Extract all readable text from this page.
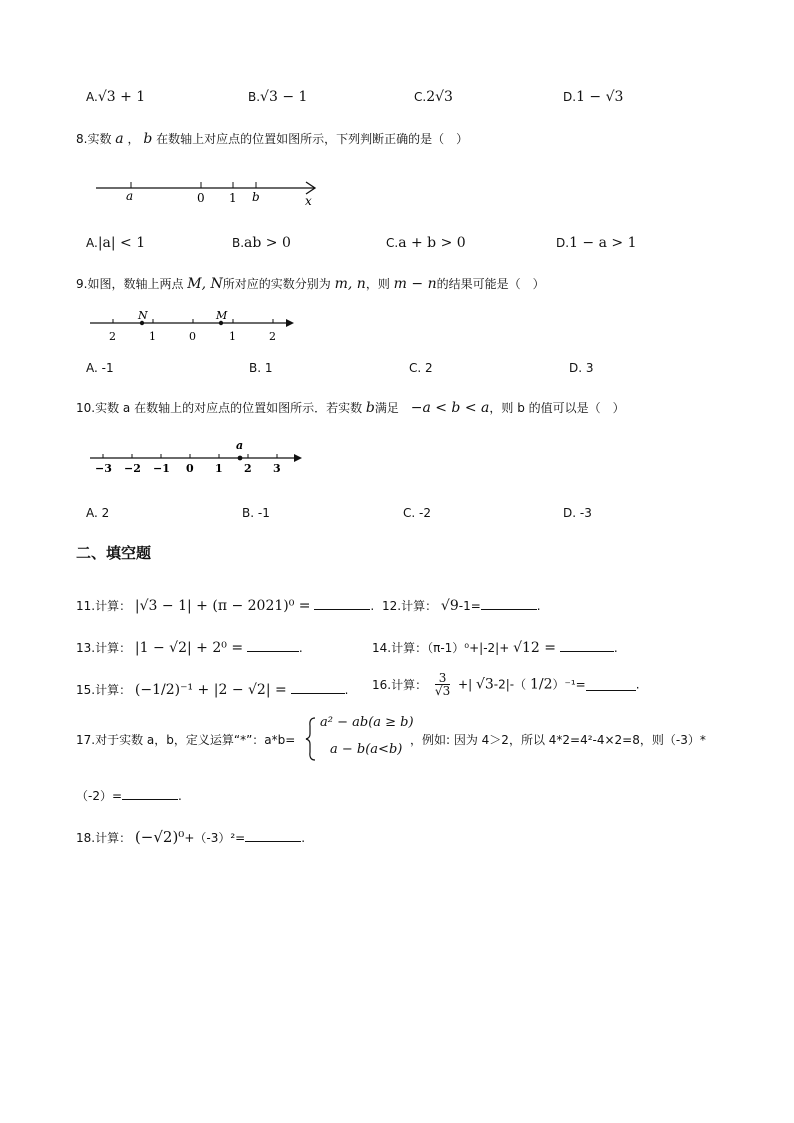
A.√3 + 1	B.√3 − 1	C.2√3	D.1 − √3
8.实数 a ， b 在数轴上对应点的位置如图所示，下列判断正确的是（　）
a	0 1 b	x
A.|a| < 1	B.ab > 0	C.a + b > 0	D.1 − a > 1
9.如图，数轴上两点 M, N所对应的实数分别为 m, n，则 m − n的结果可能是（　）
N	M
2	1	0	1	2
A. -1	B. 1	C. 2	D. 3
10.实数 a 在数轴上的对应点的位置如图所示．若实数 b满足 −a < b < a，则 b 的值可以是（　）
a
−3 −2 −1 0 1 2 3
A. 2	B. -1	C. -2	D. -3
二、填空题
11.计算： |√3 − 1| + (π − 2021)⁰ =	. 12.计算： √9-1=	.
13.计算： |1 − √2| + 2⁰ =	.	14.计算：（π-1）⁰+|-2|+ √12 =	.
15.计算： (−1/2)⁻¹ + |2 − √2| =	. 16.计算： $\frac{3}{√3}$ +| √3-2|-（ 1/2）⁻¹=	.
17.对于实数 a，b，定义运算“*”：a*b=
a² − ab(a ≥ b)
a − b(a<b)
，例如: 因为 4＞2，所以 4*2=4²-4×2=8，则（-3）*
（-2）=	.
18.计算： (−√2)⁰+（-3）²=	.
